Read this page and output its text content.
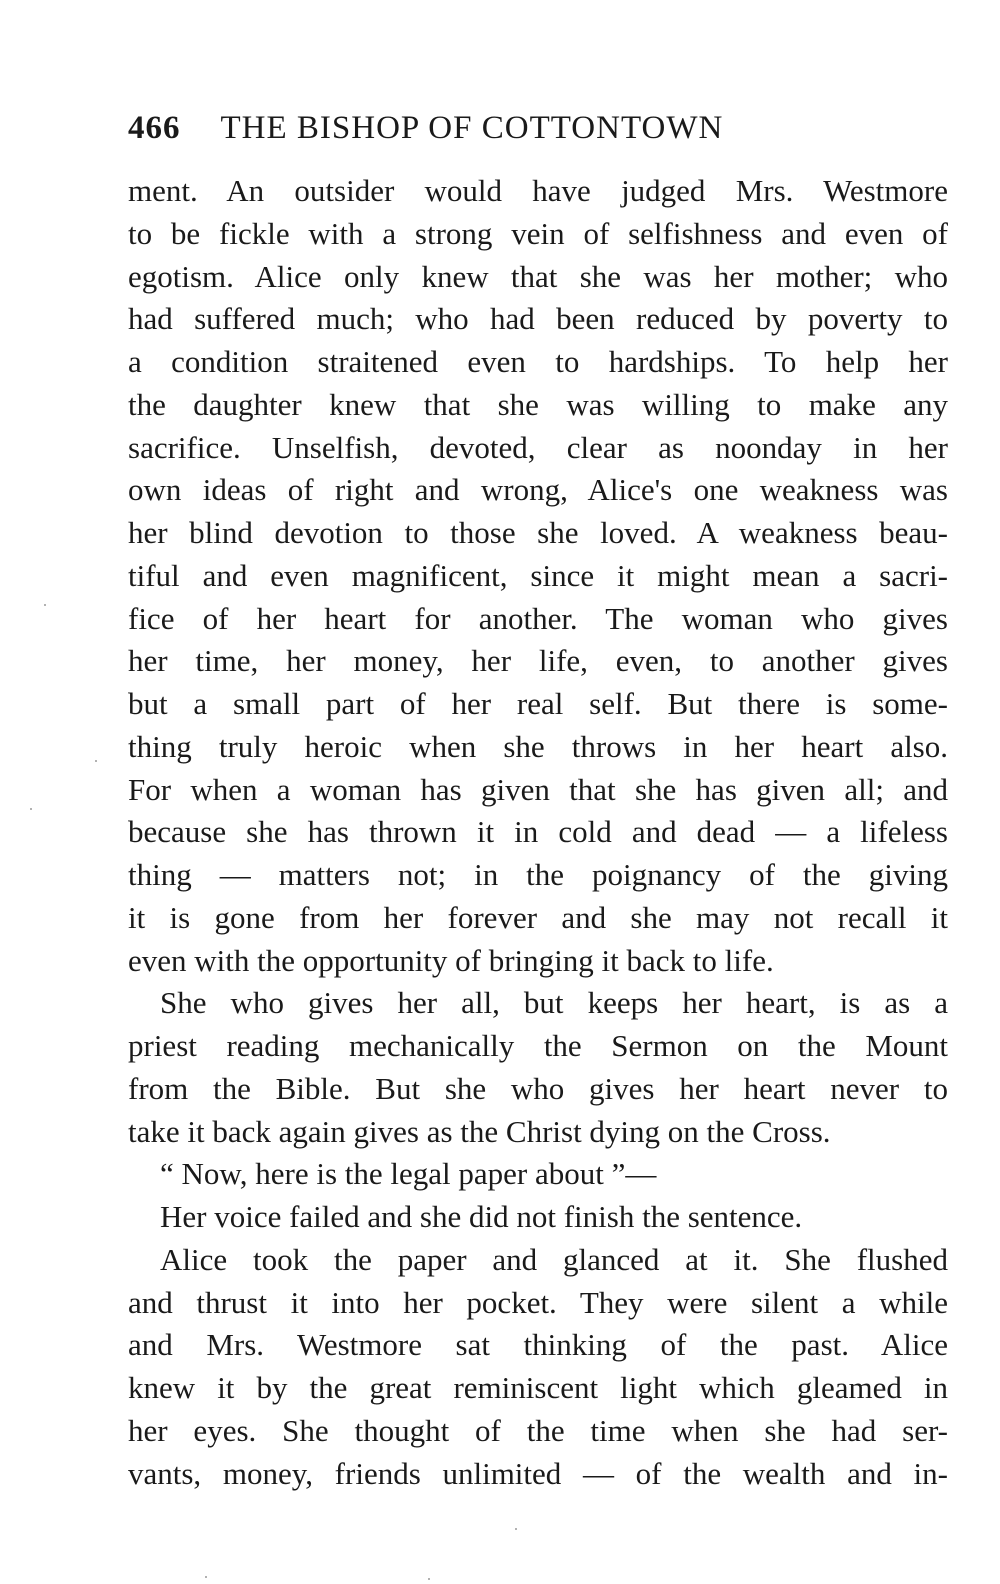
466 THE BISHOP OF COTTONTOWN
ment. An outsider would have judged Mrs. Westmore
to be fickle with a strong vein of selfishness and even of
egotism. Alice only knew that she was her mother; who
had suffered much; who had been reduced by poverty to
a condition straitened even to hardships. To help her
the daughter knew that she was willing to make any
sacrifice. Unselfish, devoted, clear as noonday in her
own ideas of right and wrong, Alice's one weakness was
her blind devotion to those she loved. A weakness beau-
tiful and even magnificent, since it might mean a sacri-
fice of her heart for another. The woman who gives
her time, her money, her life, even, to another gives
but a small part of her real self. But there is some-
thing truly heroic when she throws in her heart also.
For when a woman has given that she has given all; and
because she has thrown it in cold and dead — a lifeless
thing — matters not; in the poignancy of the giving
it is gone from her forever and she may not recall it
even with the opportunity of bringing it back to life.
She who gives her all, but keeps her heart, is as a
priest reading mechanically the Sermon on the Mount
from the Bible. But she who gives her heart never to
take it back again gives as the Christ dying on the Cross.
“ Now, here is the legal paper about ”—
Her voice failed and she did not finish the sentence.
Alice took the paper and glanced at it. She flushed
and thrust it into her pocket. They were silent a while
and Mrs. Westmore sat thinking of the past. Alice
knew it by the great reminiscent light which gleamed in
her eyes. She thought of the time when she had ser-
vants, money, friends unlimited — of the wealth and in-
